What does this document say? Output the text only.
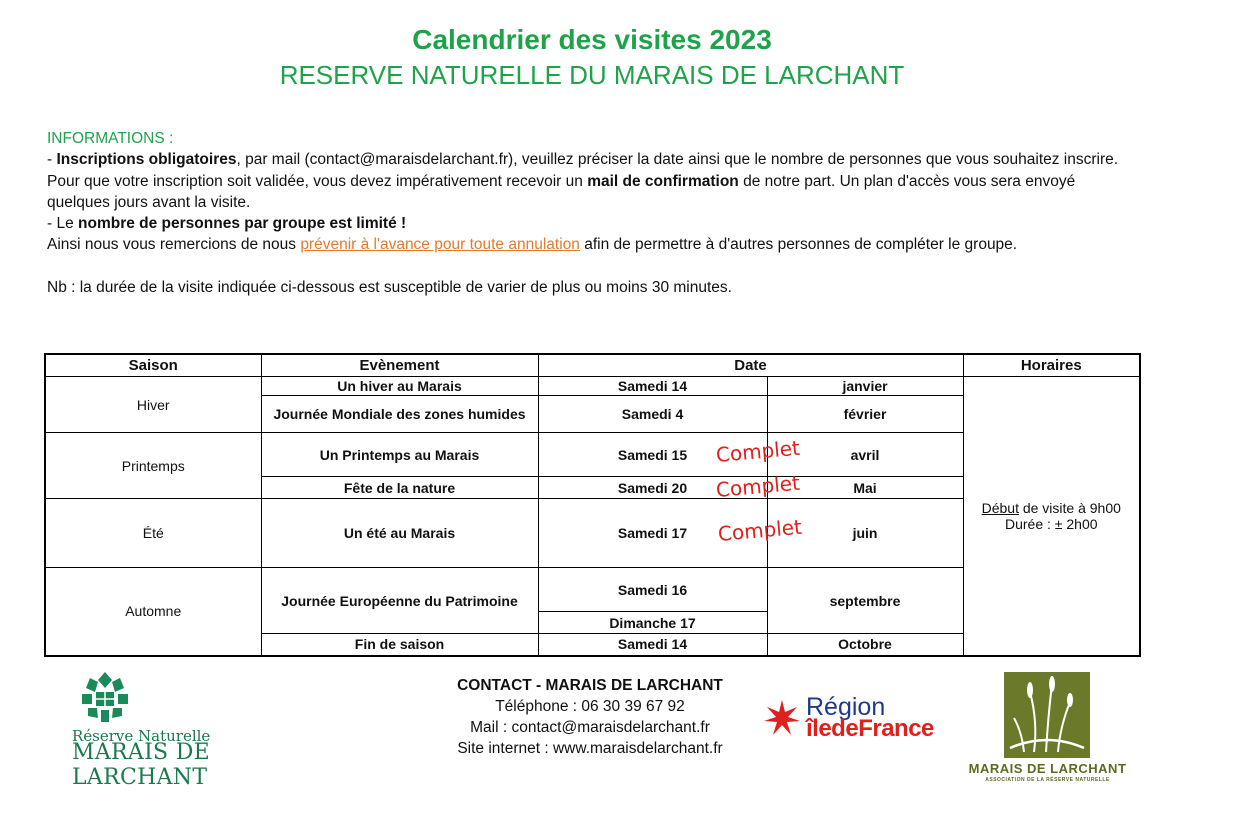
Calendrier des visites 2023
RESERVE NATURELLE DU MARAIS DE LARCHANT
INFORMATIONS :
- Inscriptions obligatoires, par mail (contact@maraisdelarchant.fr), veuillez préciser la date ainsi que le nombre de personnes que vous souhaitez inscrire.
Pour que votre inscription soit validée, vous devez impérativement recevoir un mail de confirmation de notre part. Un plan d'accès vous sera envoyé quelques jours avant la visite.
- Le nombre de personnes par groupe est limité !
Ainsi nous vous remercions de nous prévenir à l'avance pour toute annulation afin de permettre à d'autres personnes de compléter le groupe.
Nb : la durée de la visite indiquée ci-dessous est susceptible de varier de plus ou moins 30 minutes.
Saison	Evènement	Date		Horaires
Hiver	Un hiver au Marais	Samedi 14	janvier	Début de visite à 9h00
Durée : ± 2h00

	Journée Mondiale des zones humides	Samedi 4	février	
Printemps	Un Printemps au Marais	Samedi 15	avril	
	Fête de la nature	Samedi 20	Mai	
Été	Un été au Marais	Samedi 17	juin	
Automne	Journée Européenne du Patrimoine	Samedi 16	septembre	
		Dimanche 17		
	Fin de saison	Samedi 14	Octobre	
Complet
Complet
Complet
Réserve Naturelle
MARAIS DE LARCHANT
CONTACT - MARAIS DE LARCHANT
Téléphone : 06 30 39 67 92
Mail : contact@maraisdelarchant.fr
Site internet : www.maraisdelarchant.fr
Région
îledeFrance
MARAIS DE LARCHANT
ASSOCIATION DE LA RÉSERVE NATURELLE
